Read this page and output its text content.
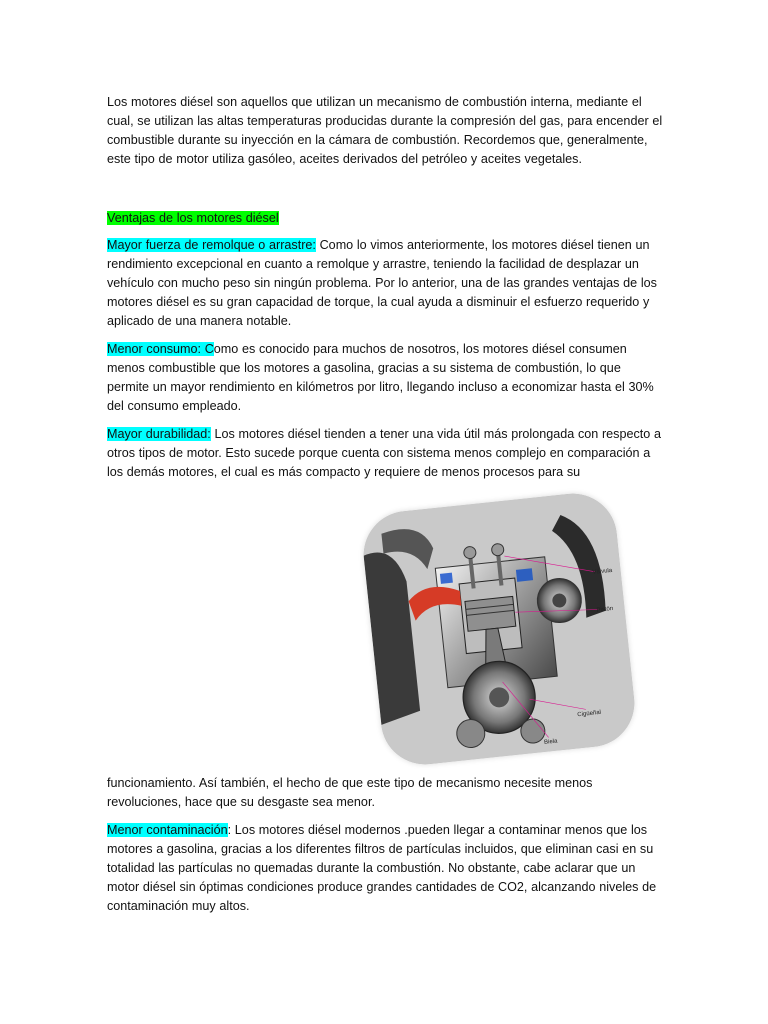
Los motores diésel son aquellos que utilizan un mecanismo de combustión interna, mediante el cual, se utilizan las altas temperaturas producidas durante la compresión del gas, para encender el combustible durante su inyección en la cámara de combustión. Recordemos que, generalmente, este tipo de motor utiliza gasóleo, aceites derivados del petróleo y aceites vegetales.

Ventajas de los motores diésel

Mayor fuerza de remolque o arrastre: Como lo vimos anteriormente, los motores diésel tienen un rendimiento excepcional en cuanto a remolque y arrastre, teniendo la facilidad de desplazar un vehículo con mucho peso sin ningún problema. Por lo anterior, una de las grandes ventajas de los motores diésel es su gran capacidad de torque, la cual ayuda a disminuir el esfuerzo requerido y aplicado de una manera notable.

Menor consumo: Como es conocido para muchos de nosotros, los motores diésel consumen menos combustible que los motores a gasolina, gracias a su sistema de combustión, lo que permite un mayor rendimiento en kilómetros por litro, llegando incluso a economizar hasta el 30% del consumo empleado.

Mayor durabilidad: Los motores diésel tienden a tener una vida útil más prolongada con respecto a otros tipos de motor. Esto sucede porque cuenta con sistema menos complejo en comparación a los demás motores, el cual es más compacto y requiere de menos procesos para su

Válvula
Pistón
Cigüeñal
Biela

funcionamiento. Así también, el hecho de que este tipo de mecanismo necesite menos revoluciones, hace que su desgaste sea menor.

Menor contaminación: Los motores diésel modernos .pueden llegar a contaminar menos que los motores a gasolina, gracias a los diferentes filtros de partículas incluidos, que eliminan casi en su totalidad las partículas no quemadas durante la combustión. No obstante, cabe aclarar que un motor diésel sin óptimas condiciones produce grandes cantidades de CO2, alcanzando niveles de contaminación muy altos.
